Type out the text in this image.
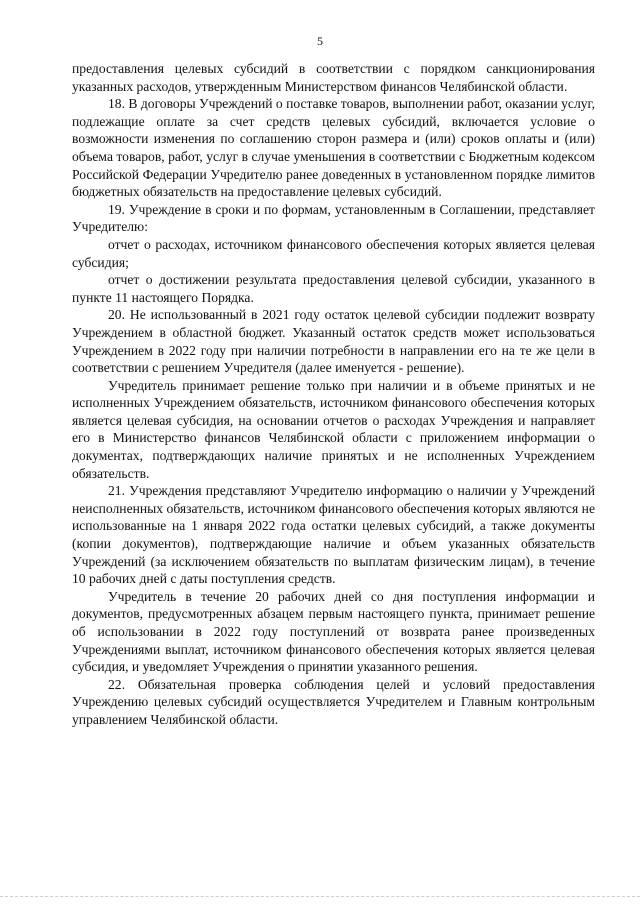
5

предоставления целевых субсидий в соответствии с порядком санкционирования указанных расходов, утвержденным Министерством финансов Челябинской области.

18. В договоры Учреждений о поставке товаров, выполнении работ, оказании услуг, подлежащие оплате за счет средств целевых субсидий, включается условие о возможности изменения по соглашению сторон размера и (или) сроков оплаты и (или) объема товаров, работ, услуг в случае уменьшения в соответствии с Бюджетным кодексом Российской Федерации Учредителю ранее доведенных в установленном порядке лимитов бюджетных обязательств на предоставление целевых субсидий.

19. Учреждение в сроки и по формам, установленным в Соглашении, представляет Учредителю:

отчет о расходах, источником финансового обеспечения которых является целевая субсидия;

отчет о достижении результата предоставления целевой субсидии, указанного в пункте 11 настоящего Порядка.

20. Не использованный в 2021 году остаток целевой субсидии подлежит возврату Учреждением в областной бюджет. Указанный остаток средств может использоваться Учреждением в 2022 году при наличии потребности в направлении его на те же цели в соответствии с решением Учредителя (далее именуется - решение).

Учредитель принимает решение только при наличии и в объеме принятых и не исполненных Учреждением обязательств, источником финансового обеспечения которых является целевая субсидия, на основании отчетов о расходах Учреждения и направляет его в Министерство финансов Челябинской области с приложением информации о документах, подтверждающих наличие принятых и не исполненных Учреждением обязательств.

21. Учреждения представляют Учредителю информацию о наличии у Учреждений неисполненных обязательств, источником финансового обеспечения которых являются не использованные на 1 января 2022 года остатки целевых субсидий, а также документы (копии документов), подтверждающие наличие и объем указанных обязательств Учреждений (за исключением обязательств по выплатам физическим лицам), в течение 10 рабочих дней с даты поступления средств.

Учредитель в течение 20 рабочих дней со дня поступления информации и документов, предусмотренных абзацем первым настоящего пункта, принимает решение об использовании в 2022 году поступлений от возврата ранее произведенных Учреждениями выплат, источником финансового обеспечения которых является целевая субсидия, и уведомляет Учреждения о принятии указанного решения.

22. Обязательная проверка соблюдения целей и условий предоставления Учреждению целевых субсидий осуществляется Учредителем и Главным контрольным управлением Челябинской области.
